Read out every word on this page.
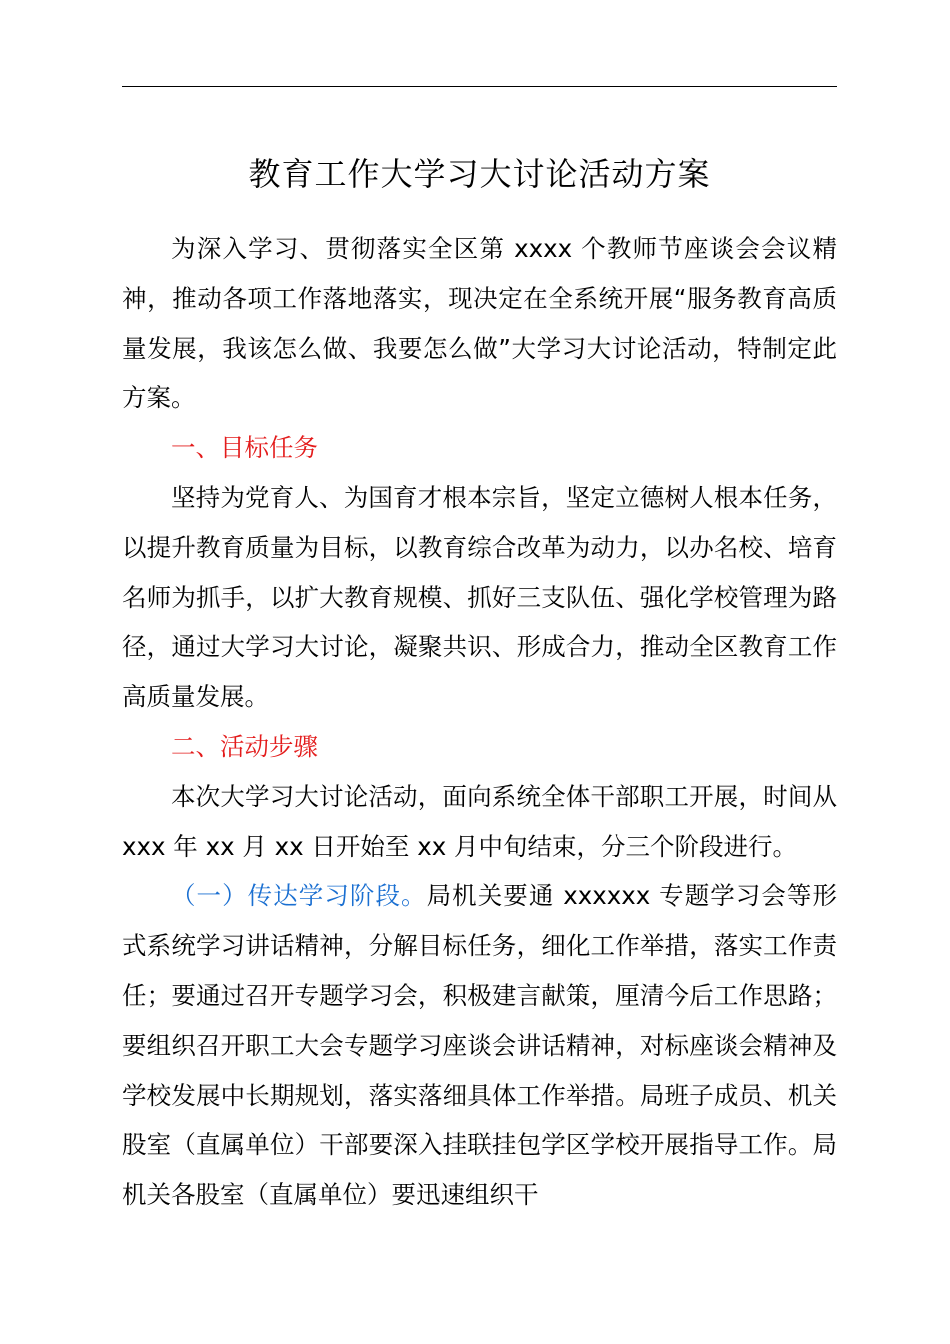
教育工作大学习大讨论活动方案

为深入学习、贯彻落实全区第 xxxx 个教师节座谈会会议精神，推动各项工作落地落实，现决定在全系统开展“服务教育高质量发展，我该怎么做、我要怎么做”大学习大讨论活动，特制定此方案。

一、目标任务

坚持为党育人、为国育才根本宗旨，坚定立德树人根本任务，以提升教育质量为目标，以教育综合改革为动力，以办名校、培育名师为抓手，以扩大教育规模、抓好三支队伍、强化学校管理为路径，通过大学习大讨论，凝聚共识、形成合力，推动全区教育工作高质量发展。

二、活动步骤

本次大学习大讨论活动，面向系统全体干部职工开展，时间从 xxx 年 xx 月 xx 日开始至 xx 月中旬结束，分三个阶段进行。

（一）传达学习阶段。局机关要通 xxxxxx 专题学习会等形式系统学习讲话精神，分解目标任务，细化工作举措，落实工作责任；要通过召开专题学习会，积极建言献策，厘清今后工作思路；要组织召开职工大会专题学习座谈会讲话精神，对标座谈会精神及学校发展中长期规划，落实落细具体工作举措。局班子成员、机关股室（直属单位）干部要深入挂联挂包学区学校开展指导工作。局机关各股室（直属单位）要迅速组织干
